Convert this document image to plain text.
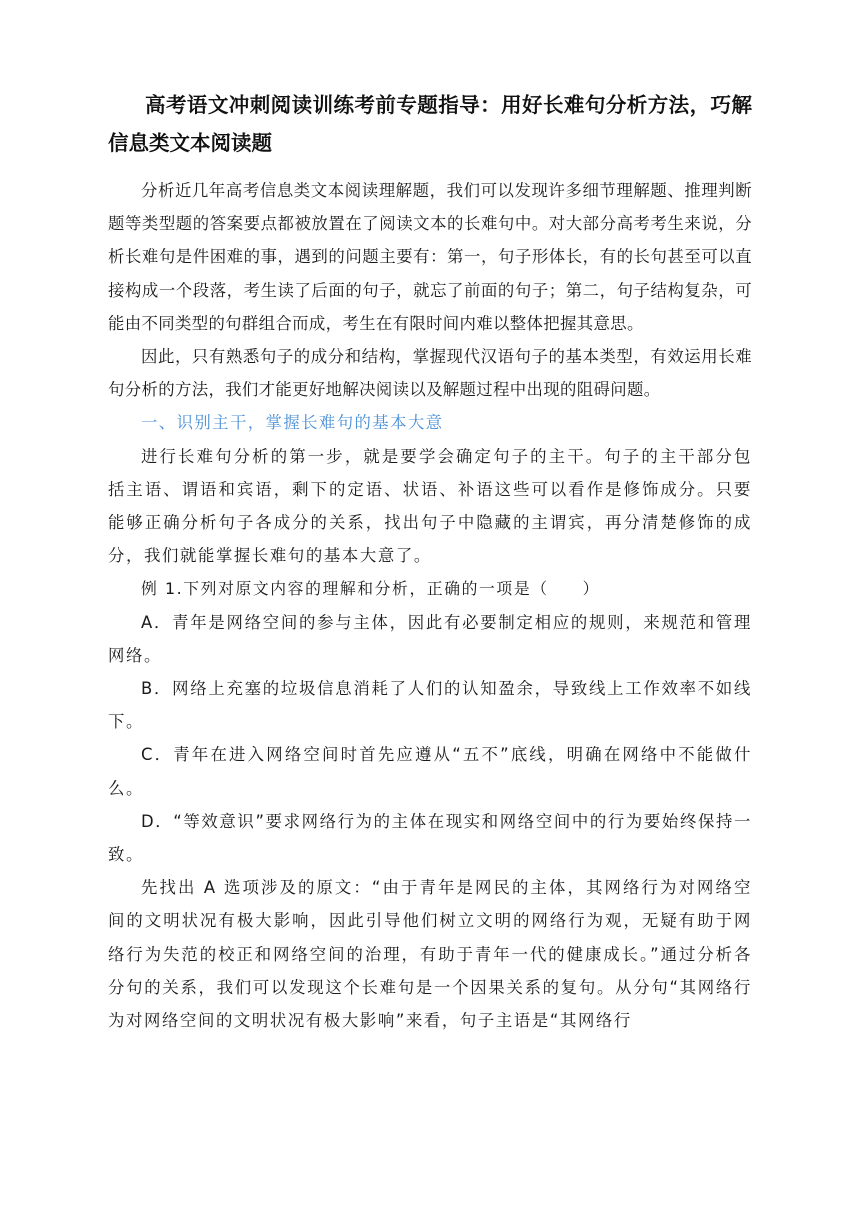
高考语文冲刺阅读训练考前专题指导：用好长难句分析方法，巧解信息类文本阅读题

分析近几年高考信息类文本阅读理解题，我们可以发现许多细节理解题、推理判断题等类型题的答案要点都被放置在了阅读文本的长难句中。对大部分高考考生来说，分析长难句是件困难的事，遇到的问题主要有：第一，句子形体长，有的长句甚至可以直接构成一个段落，考生读了后面的句子，就忘了前面的句子；第二，句子结构复杂，可能由不同类型的句群组合而成，考生在有限时间内难以整体把握其意思。

因此，只有熟悉句子的成分和结构，掌握现代汉语句子的基本类型，有效运用长难句分析的方法，我们才能更好地解决阅读以及解题过程中出现的阻碍问题。

一、识别主干，掌握长难句的基本大意

进行长难句分析的第一步，就是要学会确定句子的主干。句子的主干部分包括主语、谓语和宾语，剩下的定语、状语、补语这些可以看作是修饰成分。只要能够正确分析句子各成分的关系，找出句子中隐藏的主谓宾，再分清楚修饰的成分，我们就能掌握长难句的基本大意了。

例 1.下列对原文内容的理解和分析，正确的一项是（ ）

A．青年是网络空间的参与主体，因此有必要制定相应的规则，来规范和管理网络。

B．网络上充塞的垃圾信息消耗了人们的认知盈余，导致线上工作效率不如线下。

C．青年在进入网络空间时首先应遵从“五不”底线，明确在网络中不能做什么。

D．“等效意识”要求网络行为的主体在现实和网络空间中的行为要始终保持一致。

先找出 A 选项涉及的原文：“由于青年是网民的主体，其网络行为对网络空间的文明状况有极大影响，因此引导他们树立文明的网络行为观，无疑有助于网络行为失范的校正和网络空间的治理，有助于青年一代的健康成长。”通过分析各分句的关系，我们可以发现这个长难句是一个因果关系的复句。从分句“其网络行为对网络空间的文明状况有极大影响”来看，句子主语是“其网络行
